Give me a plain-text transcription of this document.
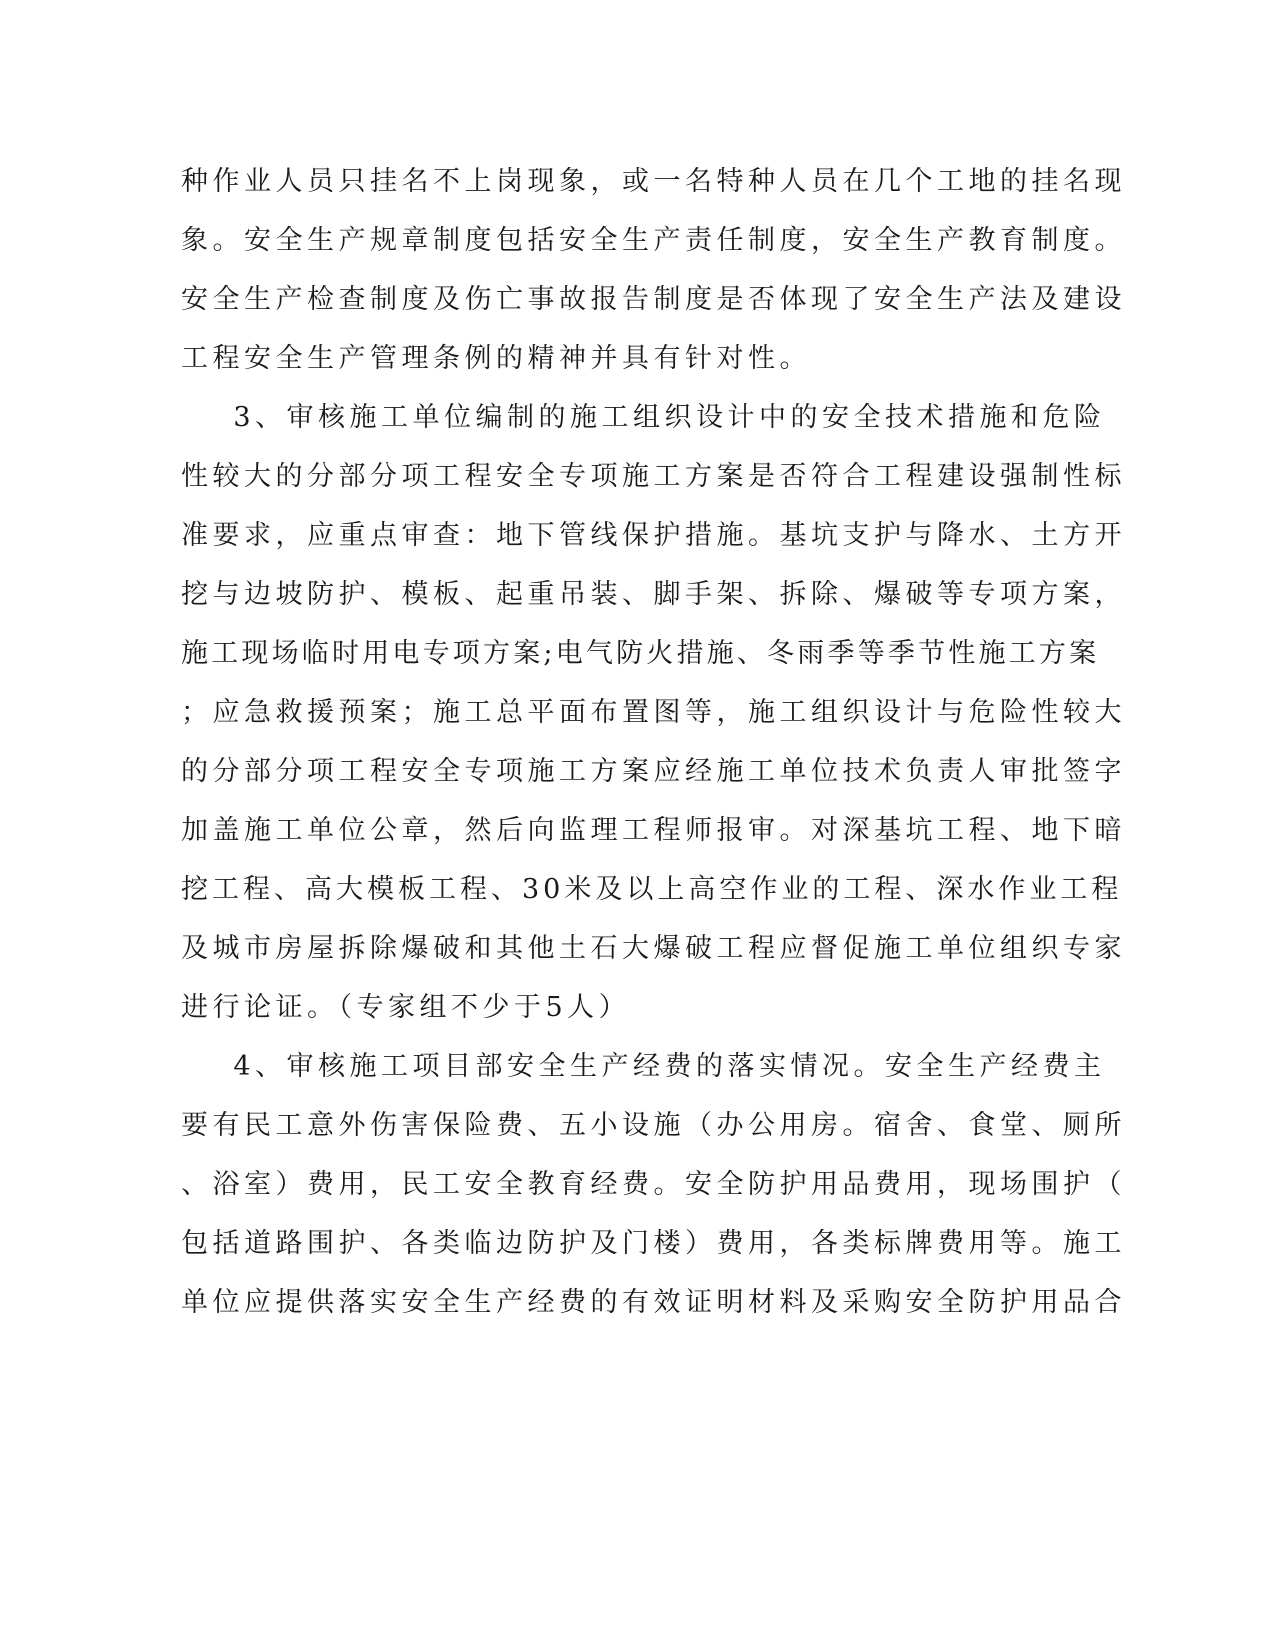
种作业人员只挂名不上岗现象，或一名特种人员在几个工地的挂名现
象。安全生产规章制度包括安全生产责任制度，安全生产教育制度。
安全生产检查制度及伤亡事故报告制度是否体现了安全生产法及建设
工程安全生产管理条例的精神并具有针对性。
3、审核施工单位编制的施工组织设计中的安全技术措施和危险
性较大的分部分项工程安全专项施工方案是否符合工程建设强制性标
准要求，应重点审查：地下管线保护措施。基坑支护与降水、土方开
挖与边坡防护、模板、起重吊装、脚手架、拆除、爆破等专项方案，
施工现场临时用电专项方案;电气防火措施、冬雨季等季节性施工方案
；应急救援预案；施工总平面布置图等，施工组织设计与危险性较大
的分部分项工程安全专项施工方案应经施工单位技术负责人审批签字
加盖施工单位公章，然后向监理工程师报审。对深基坑工程、地下暗
挖工程、高大模板工程、30米及以上高空作业的工程、深水作业工程
及城市房屋拆除爆破和其他土石大爆破工程应督促施工单位组织专家
进行论证。（专家组不少于5人）
4、审核施工项目部安全生产经费的落实情况。安全生产经费主
要有民工意外伤害保险费、五小设施（办公用房。宿舍、食堂、厕所
、浴室）费用，民工安全教育经费。安全防护用品费用，现场围护（
包括道路围护、各类临边防护及门楼）费用，各类标牌费用等。施工
单位应提供落实安全生产经费的有效证明材料及采购安全防护用品合
